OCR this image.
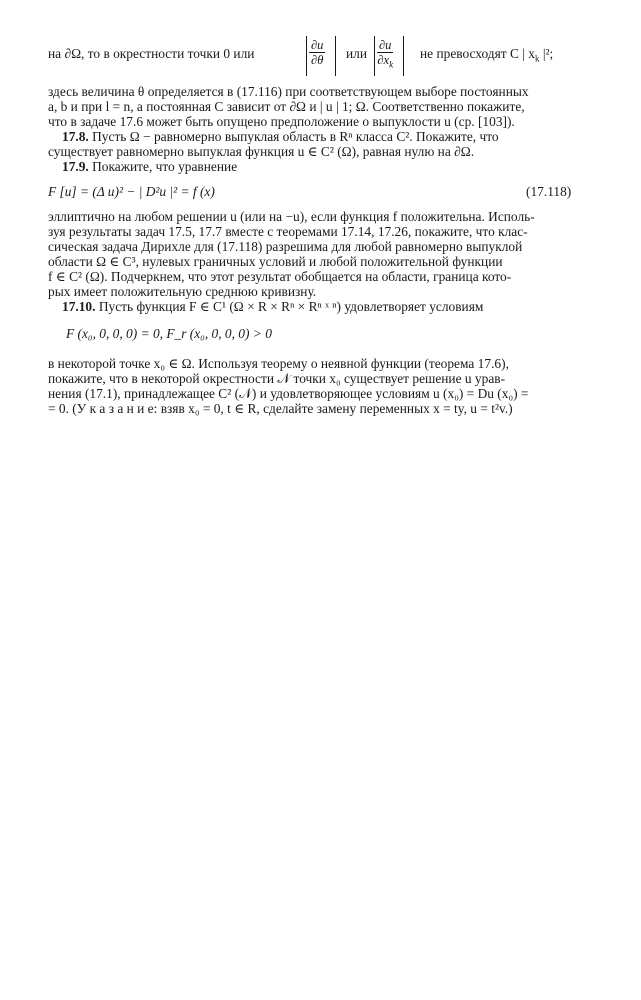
на ∂Ω, то в окрестности точки 0 или	$\frac{\partial u}{\partial\theta}$ или $\frac{\partial u}{\partial x_k}$ не превосходят C | $x_k$ |²;
здесь величина θ определяется в (17.116) при соответствующем выборе постоянных
a, b и при l = n, а постоянная C зависит от ∂Ω и | u | 1; Ω. Соответственно покажите,
что в задаче 17.6 может быть опущено предположение о выпуклости u (ср. [103]).
17.8. Пусть Ω − равномерно выпуклая область в Rⁿ класса C². Покажите, что
существует равномерно выпуклая функция u ∈ C² (Ω), равная нулю на ∂Ω.
17.9. Покажите, что уравнение
F [u] = (Δ u)² − | D²u |² = f (x)	(17.118)
эллиптично на любом решении u (или на −u), если функция f положительна. Исполь-
зуя результаты задач 17.5, 17.7 вместе с теоремами 17.14, 17.26, покажите, что клас-
сическая задача Дирихле для (17.118) разрешима для любой равномерно выпуклой
области Ω ∈ C³, нулевых граничных условий и любой положительной функции
f ∈ C² (Ω). Подчеркнем, что этот результат обобщается на области, граница кото-
рых имеет положительную среднюю кривизну.
17.10. Пусть функция F ∈ C¹ (Ω × R × Rⁿ × Rⁿ ˣ ⁿ) удовлетворяет условиям
F (x₀, 0, 0, 0) = 0, F_r (x₀, 0, 0, 0) > 0
в некоторой точке x₀ ∈ Ω. Используя теорему о неявной функции (теорема 17.6),
покажите, что в некоторой окрестности 𝒩 точки x₀ существует решение u урав-
нения (17.1), принадлежащее C² (𝒩) и удовлетворяющее условиям u (x₀) = Du (x₀) =
= 0. (У к а з а н и е: взяв x₀ = 0, t ∈ R, сделайте замену переменных x = ty, u = t²v.)
